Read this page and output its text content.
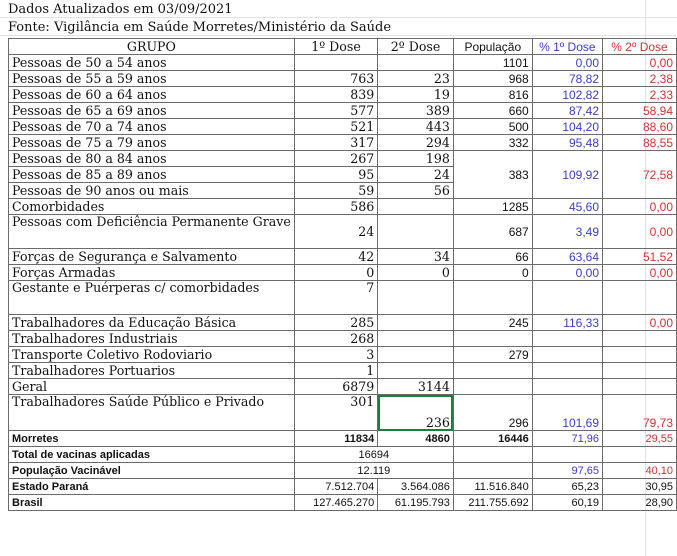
Dados Atualizados em 03/09/2021
Fonte: Vigilância em Saúde Morretes/Ministério da Saúde
GRUPO	1º Dose	2º Dose	População	% 1º Dose	% 2º Dose
Pessoas de 50 a 54 anos			1101	0,00	0,00
Pessoas de 55 a 59 anos	763	23	968	78,82	2,38
Pessoas de 60 a 64 anos	839	19	816	102,82	2,33
Pessoas de 65 a 69 anos	577	389	660	87,42	58,94
Pessoas de 70 a 74 anos	521	443	500	104,20	88,60
Pessoas de 75 a 79 anos	317	294	332	95,48	88,55
Pessoas de 80 a 84 anos	267	198	383	109,92	72,58
Pessoas de 85 a 89 anos	95	24			
Pessoas de 90 anos ou mais	59	56			
Comorbidades	586		1285	45,60	0,00
Pessoas com Deficiência Permanente Grave	24		687	3,49	0,00
Forças de Segurança e Salvamento	42	34	66	63,64	51,52
Forças Armadas	0	0	0	0,00	0,00
Gestante e Puérperas c/ comorbidades	7				
Trabalhadores da Educação Básica	285		245	116,33	0,00
Trabalhadores Industriais	268				
Transporte Coletivo Rodoviario	3		279		
Trabalhadores Portuarios	1				
Geral	6879	3144			
Trabalhadores Saúde Público e Privado	301	236	296	101,69	79,73
Morretes	11834	4860	16446	71,96	29,55
Total de vacinas aplicadas	16694				
População Vacinável	12.119			97,65	40,10
Estado Paraná	7.512.704	3.564.086	11.516.840	65,23	30,95
Brasil	127.465.270	61.195.793	211.755.692	60,19	28,90
